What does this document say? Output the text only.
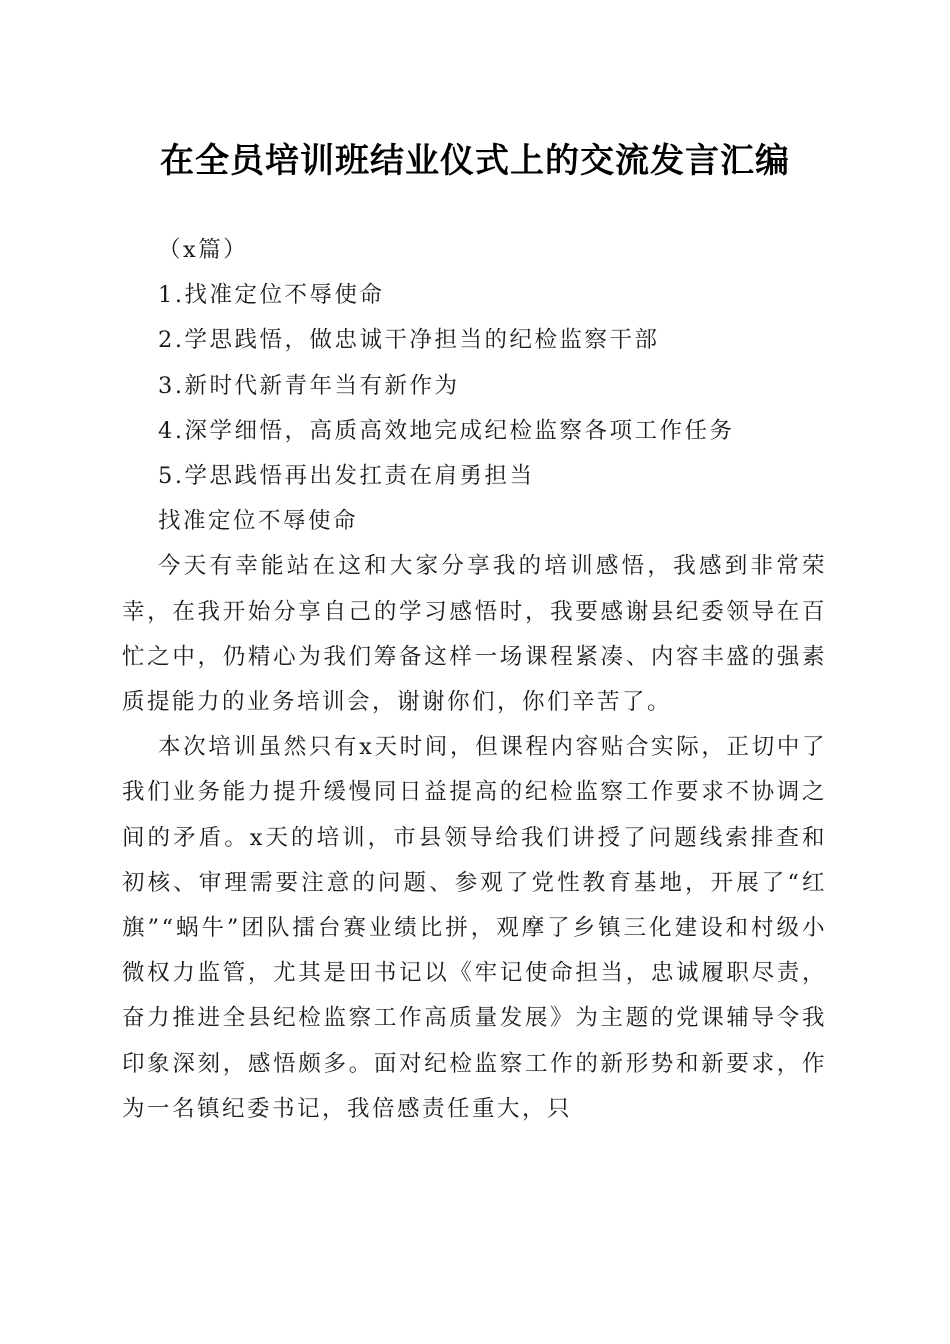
在全员培训班结业仪式上的交流发言汇编

（x篇）

1.找准定位不辱使命

2.学思践悟，做忠诚干净担当的纪检监察干部

3.新时代新青年当有新作为

4.深学细悟，高质高效地完成纪检监察各项工作任务

5.学思践悟再出发扛责在肩勇担当

找准定位不辱使命

今天有幸能站在这和大家分享我的培训感悟，我感到非常荣幸，在我开始分享自己的学习感悟时，我要感谢县纪委领导在百忙之中，仍精心为我们筹备这样一场课程紧凑、内容丰盛的强素质提能力的业务培训会，谢谢你们，你们辛苦了。

本次培训虽然只有x天时间，但课程内容贴合实际，正切中了我们业务能力提升缓慢同日益提高的纪检监察工作要求不协调之间的矛盾。x天的培训，市县领导给我们讲授了问题线索排查和初核、审理需要注意的问题、参观了党性教育基地，开展了“红旗”“蜗牛”团队擂台赛业绩比拼，观摩了乡镇三化建设和村级小微权力监管，尤其是田书记以《牢记使命担当，忠诚履职尽责，奋力推进全县纪检监察工作高质量发展》为主题的党课辅导令我印象深刻，感悟颇多。面对纪检监察工作的新形势和新要求，作为一名镇纪委书记，我倍感责任重大，只
